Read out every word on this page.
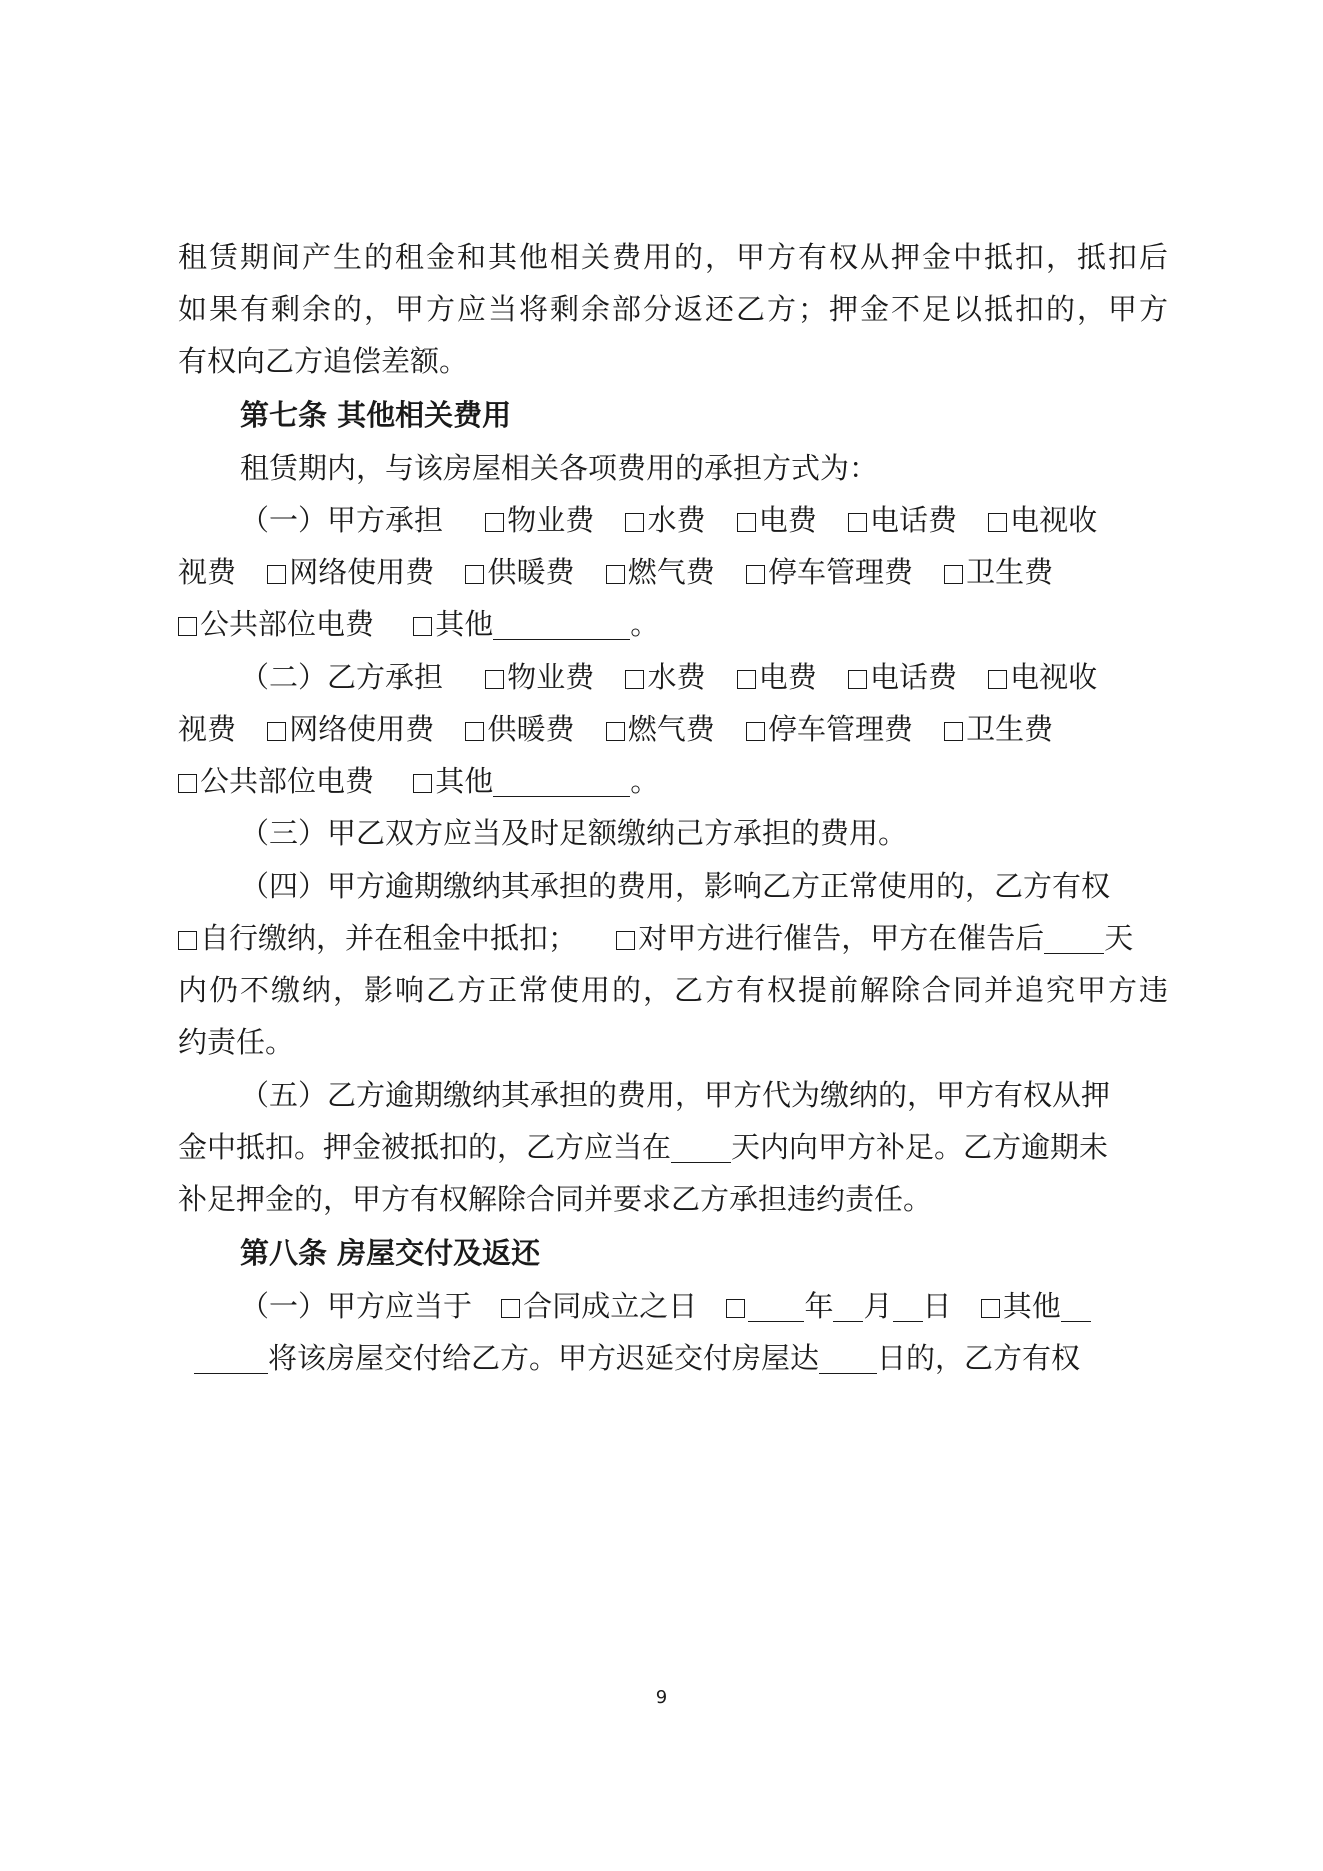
租赁期间产生的租金和其他相关费用的，甲方有权从押金中抵扣，抵扣后
如果有剩余的，甲方应当将剩余部分返还乙方；押金不足以抵扣的，甲方
有权向乙方追偿差额。
第七条 其他相关费用
租赁期内，与该房屋相关各项费用的承担方式为：
（一）甲方承担 物业费 水费 电费 电话费 电视收
视费 网络使用费 供暖费 燃气费 停车管理费 卫生费
公共部位电费 其他	。
（二）乙方承担 物业费 水费 电费 电话费 电视收
视费 网络使用费 供暖费 燃气费 停车管理费 卫生费
公共部位电费 其他	。
（三）甲乙双方应当及时足额缴纳己方承担的费用。
（四）甲方逾期缴纳其承担的费用，影响乙方正常使用的，乙方有权
自行缴纳，并在租金中抵扣； 对甲方进行催告，甲方在催告后 天
内仍不缴纳，影响乙方正常使用的，乙方有权提前解除合同并追究甲方违
约责任。
（五）乙方逾期缴纳其承担的费用，甲方代为缴纳的，甲方有权从押
金中抵扣。押金被抵扣的，乙方应当在 天内向甲方补足。乙方逾期未
补足押金的，甲方有权解除合同并要求乙方承担违约责任。
第八条 房屋交付及返还
（一）甲方应当于 合同成立之日	年 月 日 其他
将该房屋交付给乙方。甲方迟延交付房屋达 日的，乙方有权
9
